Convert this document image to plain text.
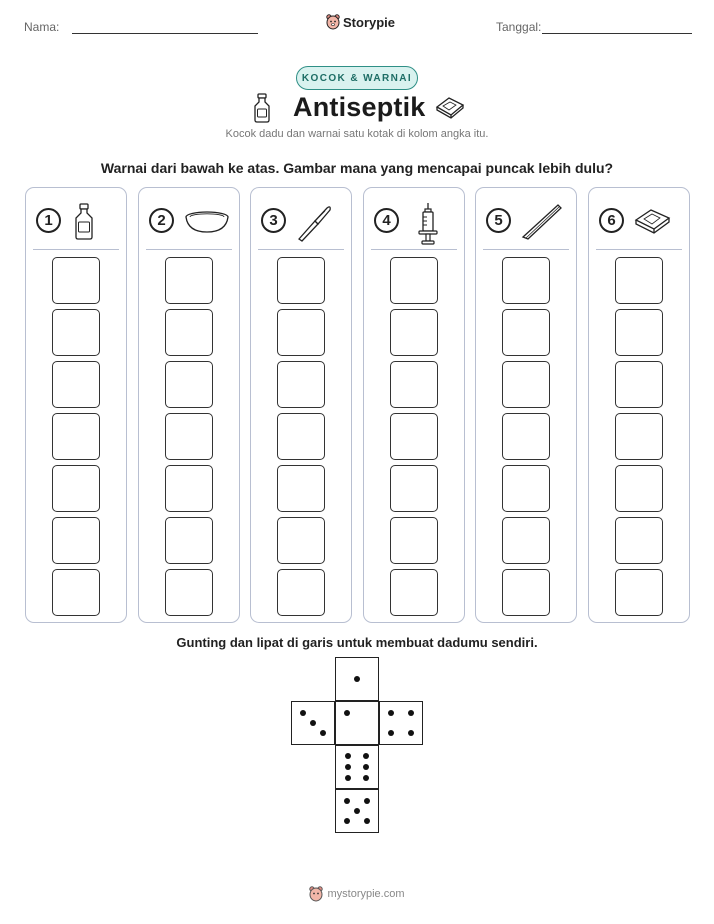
Nama:	Storypie	Tanggal:
KOCOK & WARNAI
Antiseptik
Kocok dadu dan warnai satu kotak di kolom angka itu.
Warnai dari bawah ke atas. Gambar mana yang mencapai puncak lebih dulu?
1	2	3	4	5	6
Gunting dan lipat di garis untuk membuat dadumu sendiri.
mystorypie.com
